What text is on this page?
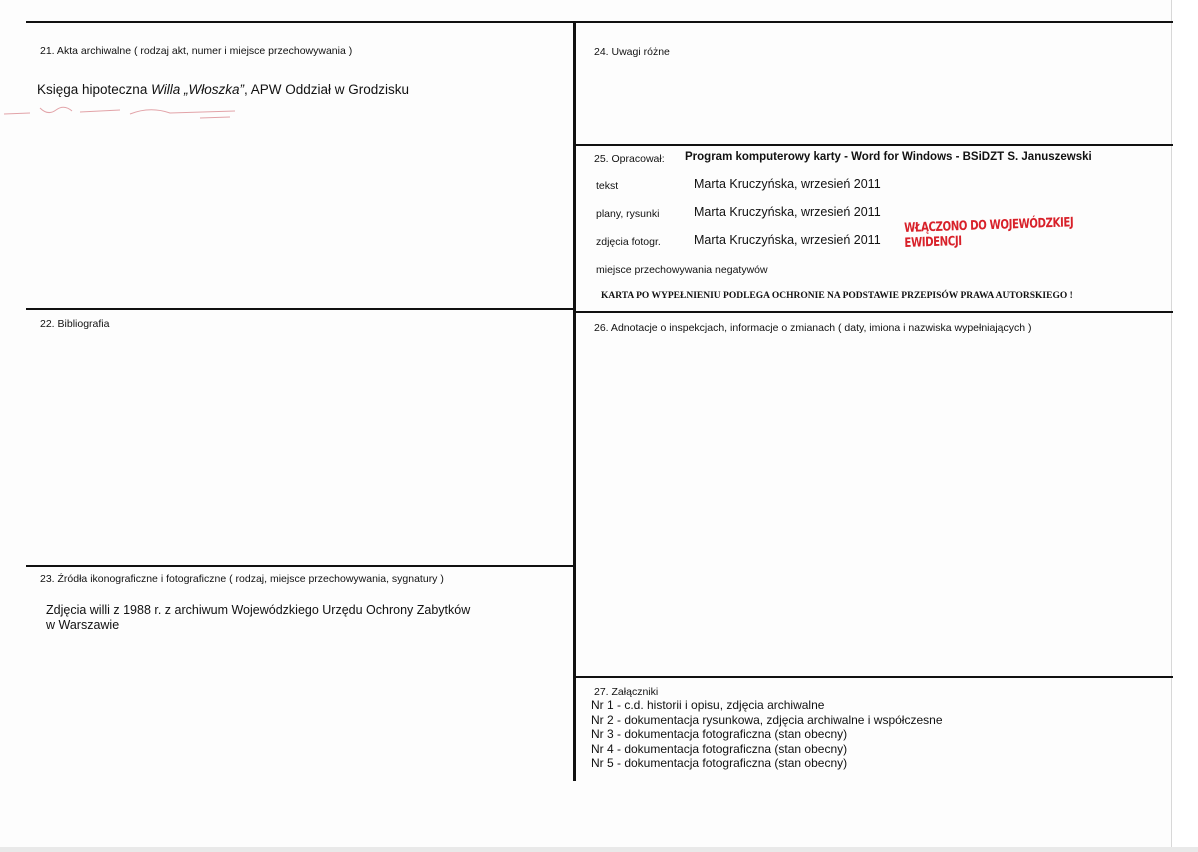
21. Akta archiwalne ( rodzaj akt, numer i miejsce przechowywania )
Księga hipoteczna Willa „Włoszka”, APW Oddział w Grodzisku
22. Bibliografia
23. Źródła ikonograficzne i fotograficzne ( rodzaj, miejsce przechowywania, sygnatury )
Zdjęcia willi z 1988 r. z archiwum Wojewódzkiego Urzędu Ochrony Zabytków
w Warszawie
24. Uwagi różne
25. Opracował: Program komputerowy karty - Word for Windows - BSiDZT S. Januszewski
tekst	Marta Kruczyńska, wrzesień 2011
plany, rysunki	Marta Kruczyńska, wrzesień 2011
zdjęcia fotogr.	Marta Kruczyńska, wrzesień 2011
WŁĄCZONO DO WOJEWÓDZKIEJ EWIDENCJI
miejsce przechowywania negatywów
KARTA PO WYPEŁNIENIU PODLEGA OCHRONIE NA PODSTAWIE PRZEPISÓW PRAWA AUTORSKIEGO !
26. Adnotacje o inspekcjach, informacje o zmianach ( daty, imiona i nazwiska wypełniających )
27. Załączniki
Nr 1 - c.d. historii i opisu, zdjęcia archiwalne
Nr 2 - dokumentacja rysunkowa, zdjęcia archiwalne i współczesne
Nr 3 - dokumentacja fotograficzna (stan obecny)
Nr 4 - dokumentacja fotograficzna (stan obecny)
Nr 5 - dokumentacja fotograficzna (stan obecny)
